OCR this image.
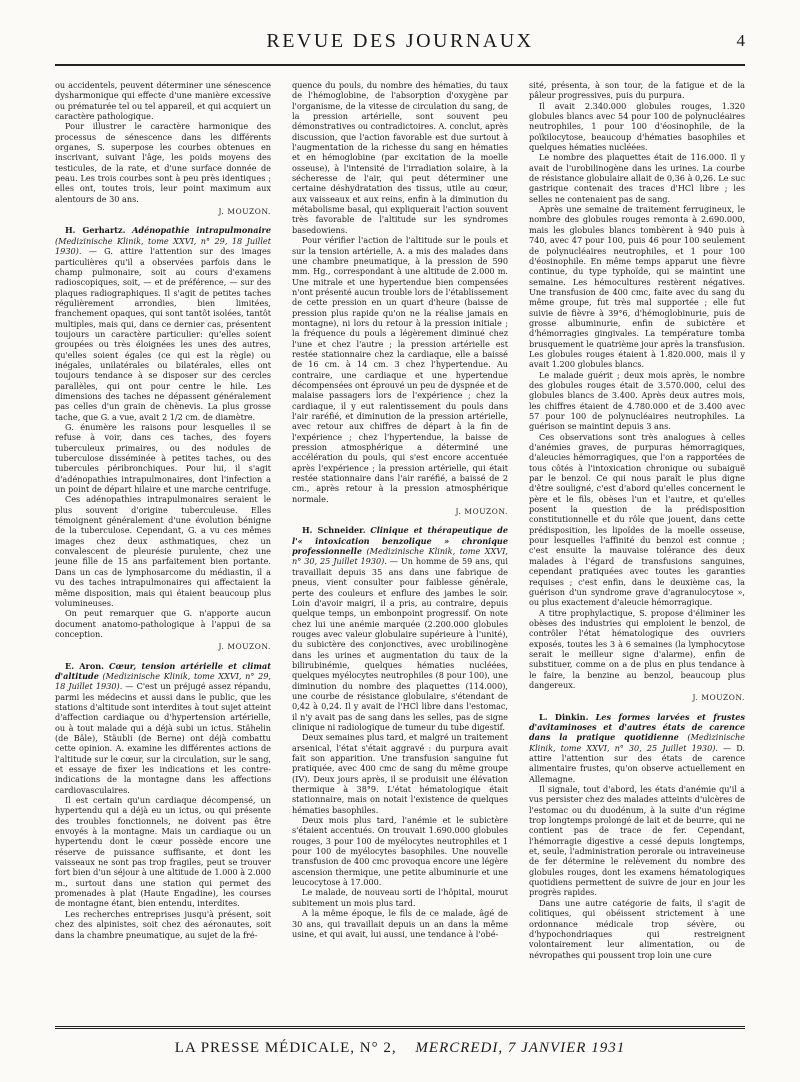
REVUE DES JOURNAUX	4

ou accidentels, peuvent déterminer une sénescence dysharmonique qui effecte d'une manière excessive ou prématurée tel ou tel appareil, et qui acquiert un caractère pathologique.

Pour illustrer le caractère harmonique des processus de sénescence dans les différents organes, S. superpose les courbes obtenues en inscrivant, suivant l'âge, les poids moyens des testicules, de la rate, et d'une surface donnée de peau. Les trois courbes sont à peu près identiques ; elles ont, toutes trois, leur point maximum aux alentours de 30 ans.

J. MOUZON.

H. Gerhartz. Adénopathie intrapulmonaire (Medizinische Klinik, tome XXVI, n° 29, 18 Juillet 1930). — G. attire l'attention sur des images particulières qu'il a observées parfois dans le champ pulmonaire, soit au cours d'examens radioscopiques, soit, — et de préférence, — sur des plaques radiographiques. Il s'agit de petites taches régulièrement arrondies, bien limitées, franchement opaques, qui sont tantôt isolées, tantôt multiples, mais qui, dans ce dernier cas, présentent toujours un caractère particulier: qu'elles soient groupées ou très éloignées les unes des autres, qu'elles soient égales (ce qui est la règle) ou inégales, unilatérales ou bilatérales, elles ont toujours tendance à se disposer sur des cercles parallèles, qui ont pour centre le hile. Les dimensions des taches ne dépassent généralement pas celles d'un grain de chènevis. La plus grosse tache, que G. a vue, avait 2 1/2 cm. de diamètre.

G. énumère les raisons pour lesquelles il se refuse à voir, dans ces taches, des foyers tuberculeux primaires, ou des nodules de tuberculose disséminée à petites taches, ou des tubercules péribronchiques. Pour lui, il s'agit d'adénopathies intrapulmonaires, dont l'infection a un point de départ hilaire et une marche centrifuge.

Ces adénopathies intrapulmonaires seraient le plus souvent d'origine tuberculeuse. Elles témoignent généralement d'une évolution bénigne de la tuberculose. Cependant, G. a vu ces mêmes images chez deux asthmatiques, chez un convalescent de pleurésie purulente, chez une jeune fille de 15 ans parfaitement bien portante. Dans un cas de lymphosarcome du médiastin, il a vu des taches intrapulmonaires qui affectaient la même disposition, mais qui étaient beaucoup plus volumineuses.

On peut remarquer que G. n'apporte aucun document anatomo-pathologique à l'appui de sa conception.

J. MOUZON.

E. Aron. Cœur, tension artérielle et climat d'altitude (Medizinische Klinik, tome XXVI, n° 29, 18 Juillet 1930). — C'est un préjugé assez répandu, parmi les médecins et aussi dans le public, que les stations d'altitude sont interdites à tout sujet atteint d'affection cardiaque ou d'hypertension artérielle, ou à tout malade qui a déjà subi un ictus. Stähelin (de Bâle), Stäubli (de Berne) ont déjà combattu cette opinion. A. examine les différentes actions de l'altitude sur le cœur, sur la circulation, sur le sang, et essaye de fixer les indications et les contre-indications de la montagne dans les affections cardiovasculaires.

Il est certain qu'un cardiaque décompensé, un hypertendu qui a déjà eu un ictus, ou qui présente des troubles fonctionnels, ne doivent pas être envoyés à la montagne. Mais un cardiaque ou un hypertendu dont le cœur possède encore une réserve de puissance suffisante, et dont les vaisseaux ne sont pas trop fragiles, peut se trouver fort bien d'un séjour à une altitude de 1.000 à 2.000 m., surtout dans une station qui permet des promenades à plat (Haute Engadine), les courses de montagne étant, bien entendu, interdites.

Les recherches entreprises jusqu'à présent, soit chez des alpinistes, soit chez des aéronautes, soit dans la chambre pneumatique, au sujet de la fré-

quence du pouls, du nombre des hématies, du taux de l'hémoglobine, de l'absorption d'oxygène par l'organisme, de la vitesse de circulation du sang, de la pression artérielle, sont souvent peu démonstratives ou contradictoires. A. conclut, après discussion, que l'action favorable est due surtout à l'augmentation de la richesse du sang en hématies et en hémoglobine (par excitation de la moelle osseuse), à l'intensité de l'irradiation solaire, à la sécheresse de l'air, qui peut déterminer une certaine déshydratation des tissus, utile au cœur, aux vaisseaux et aux reins, enfin à la diminution du métabolisme basal, qui expliquerait l'action souvent très favorable de l'altitude sur les syndromes basedowiens.

Pour vérifier l'action de l'altitude sur le pouls et sur la tension artérielle, A. a mis des malades dans une chambre pneumatique, à la pression de 590 mm. Hg., correspondant à une altitude de 2.000 m. Une mitrale et une hypertendue bien compensées n'ont présenté aucun trouble lors de l'établissement de cette pression en un quart d'heure (baisse de pression plus rapide qu'on ne la réalise jamais en montagne), ni lors du retour à la pression initiale ; la fréquence du pouls a légèrement diminué chez l'une et chez l'autre ; la pression artérielle est restée stationnaire chez la cardiaque, elle a baissé de 16 cm. à 14 cm. 3 chez l'hypertendue. Au contraire, une cardiaque et une hypertendue décompensées ont éprouvé un peu de dyspnée et de malaise passagers lors de l'expérience ; chez la cardiaque, il y eut ralentissement du pouls dans l'air raréfié, et diminution de la pression artérielle, avec retour aux chiffres de départ à la fin de l'expérience ; chez l'hypertendue, la baisse de pression atmosphérique a déterminé une accélération du pouls, qui s'est encore accentuée après l'expérience ; la pression artérielle, qui était restée stationnaire dans l'air raréfié, a baissé de 2 cm., après retour à la pression atmosphérique normale.

J. MOUZON.

H. Schneider. Clinique et thérapeutique de l'« intoxication benzolique » chronique professionnelle (Medizinische Klinik, tome XXVI, n° 30, 25 Juillet 1930). — Un homme de 59 ans, qui travaillait depuis 35 ans dans une fabrique de pneus, vient consulter pour faiblesse générale, perte des couleurs et enflure des jambes le soir. Loin d'avoir maigri, il a pris, au contraire, depuis quelque temps, un embonpoint progressif. On note chez lui une anémie marquée (2.200.000 globules rouges avec valeur globulaire supérieure à l'unité), du subictère des conjonctives, avec urobilinogène dans les urines et augmentation du taux de la bilirubinémie, quelques hématies nucléées, quelques myélocytes neutrophiles (8 pour 100), une diminution du nombre des plaquettes (114.000), une courbe de résistance globulaire, s'étendant de 0,42 à 0,24. Il y avait de l'HCl libre dans l'estomac, il n'y avait pas de sang dans les selles, pas de signe clinique ni radiologique de tumeur du tube digestif.

Deux semaines plus tard, et malgré un traitement arsenical, l'état s'était aggravé : du purpura avait fait son apparition. Une transfusion sanguine fut pratiquée, avec 400 cmc de sang du même groupe (IV). Deux jours après, il se produisit une élévation thermique à 38°9. L'état hématologique était stationnaire, mais on notait l'existence de quelques hématies basophiles.

Deux mois plus tard, l'anémie et le subictère s'étaient accentués. On trouvait 1.690.000 globules rouges, 3 pour 100 de myélocytes neutrophiles et 1 pour 100 de myélocytes basophiles. Une nouvelle transfusion de 400 cmc provoqua encore une légère ascension thermique, une petite albuminurie et une leucocytose à 17.000.

Le malade, de nouveau sorti de l'hôpital, mourut subitement un mois plus tard.

A la même époque, le fils de ce malade, âgé de 30 ans, qui travaillait depuis un an dans la même usine, et qui avait, lui aussi, une tendance à l'obé-

sité, présenta, à son tour, de la fatigue et de la pâleur progressives, puis du purpura.

Il avait 2.340.000 globules rouges, 1.320 globules blancs avec 54 pour 100 de polynucléaires neutrophiles, 1 pour 100 d'éosinophile, de la poïkilocytose, beaucoup d'hématies basophiles et quelques hématies nucléées.

Le nombre des plaquettes était de 116.000. Il y avait de l'urobilinogène dans les urines. La courbe de résistance globulaire allait de 0,36 à 0,26. Le suc gastrique contenait des traces d'HCl libre ; les selles ne contenaient pas de sang.

Après une semaine de traitement ferrugineux, le nombre des globules rouges remonta à 2.690.000, mais les globules blancs tombèrent à 940 puis à 740, avec 47 pour 100, puis 46 pour 100 seulement de polynucléaires neutrophiles, et 1 pour 100 d'éosinophile. En même temps apparut une fièvre continue, du type typhoïde, qui se maintint une semaine. Les hémocultures restèrent négatives. Une transfusion de 400 cmc, faite avec du sang du même groupe, fut très mal supportée ; elle fut suivie de fièvre à 39°6, d'hémoglobinurie, puis de grosse albuminurie, enfin de subictère et d'hémorragies gingivales. La température tomba brusquement le quatrième jour après la transfusion. Les globules rouges étaient à 1.820.000, mais il y avait 1.200 globules blancs.

Le malade guérit ; deux mois après, le nombre des globules rouges était de 3.570.000, celui des globules blancs de 3.400. Après deux autres mois, les chiffres étaient de 4.780.000 et de 3.400 avec 57 pour 100 de polynucléaires neutrophiles. La guérison se maintint depuis 3 ans.

Ces observations sont très analogues à celles d'anémies graves, de purpuras hémorragiques, d'aleucies hémorragiques, que l'on a rapportées de tous côtés à l'intoxication chronique ou subaiguë par le benzol. Ce qui nous paraît le plus digne d'être souligné, c'est d'abord qu'elles concernent le père et le fils, obèses l'un et l'autre, et qu'elles posent la question de la prédisposition constitutionnelle et du rôle que jouent, dans cette prédisposition, les lipoïdes de la moelle osseuse, pour lesquelles l'affinité du benzol est connue ; c'est ensuite la mauvaise tolérance des deux malades à l'égard de transfusions sanguines, cependant pratiquées avec toutes les garanties requises ; c'est enfin, dans le deuxième cas, la guérison d'un syndrome grave d'agranulocytose », ou plus exactement d'aleucie hémorragique.

A titre prophylactique, S. propose d'éliminer les obèses des industries qui emploient le benzol, de contrôler l'état hématologique des ouvriers exposés, toutes les 3 à 6 semaines (la lymphocytose serait le meilleur signe d'alarme), enfin de substituer, comme on a de plus en plus tendance à le faire, la benzine au benzol, beaucoup plus dangereux.

J. MOUZON.

L. Dinkin. Les formes larvées et frustes d'avitaminoses et d'autres états de carence dans la pratique quotidienne (Medizinische Klinik, tome XXVI, n° 30, 25 Juillet 1930). — D. attire l'attention sur des états de carence alimentaire frustes, qu'on observe actuellement en Allemagne.

Il signale, tout d'abord, les états d'anémie qu'il a vus persister chez des malades atteints d'ulcères de l'estomac ou du duodénum, à la suite d'un régime trop longtemps prolongé de lait et de beurre, qui ne contient pas de trace de fer. Cependant, l'hémorragie digestive a cessé depuis longtemps, et, seule, l'administration perorale ou intraveineuse de fer détermine le relèvement du nombre des globules rouges, dont les examens hématologiques quotidiens permettent de suivre de jour en jour les progrès rapides.

Dans une autre catégorie de faits, il s'agit de colitiques, qui obéissent strictement à une ordonnance médicale trop sévère, ou d'hypochondriaques qui restreignent volontairement leur alimentation, ou de névropathes qui poussent trop loin une cure

LA PRESSE MÉDICALE, N° 2, MERCREDI, 7 JANVIER 1931
